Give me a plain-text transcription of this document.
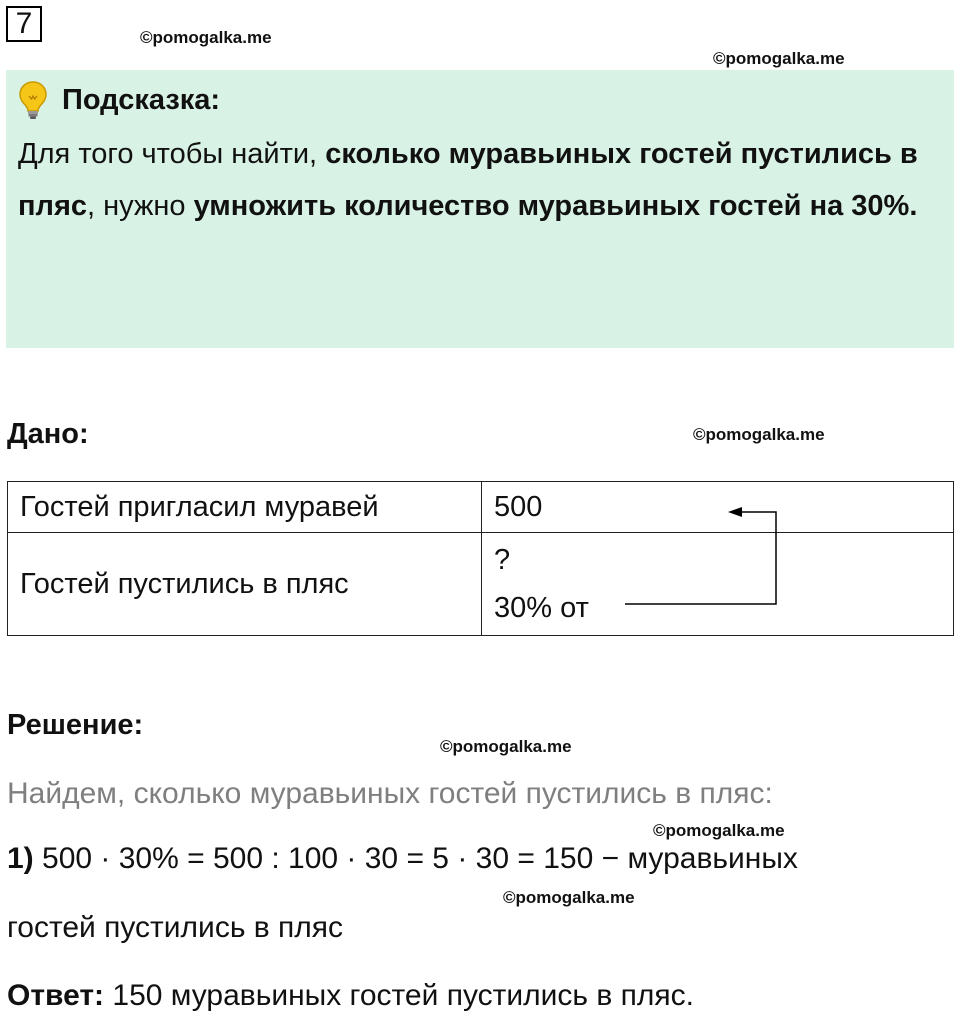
7	©pomogalka.me
©pomogalka.me
©pomogalka.me
©pomogalka.me
©pomogalka.me
©pomogalka.me
Подсказка:
Для того чтобы найти, сколько муравьиных гостей пустились в пляс, нужно умножить количество муравьиных гостей на 30%.
Дано:
Гостей пригласил муравей	500
Гостей пустились в пляс	?
30% от
Решение:
Найдем, сколько муравьиных гостей пустились в пляс:
1) 500 · 30% = 500 : 100 · 30 = 5 · 30 = 150 − муравьиных
гостей пустились в пляс
Ответ: 150 муравьиных гостей пустились в пляс.
